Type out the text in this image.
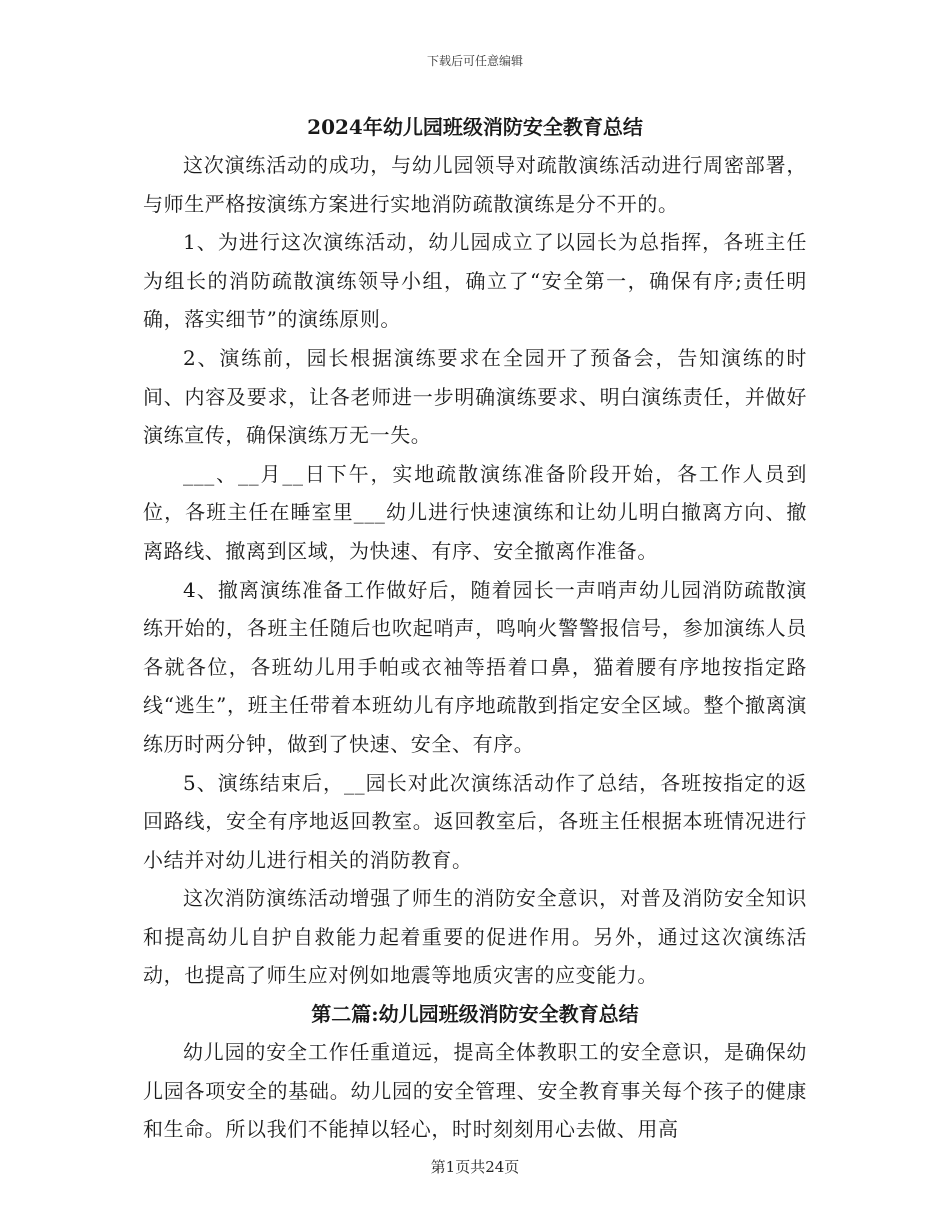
下载后可任意编辑
2024年幼儿园班级消防安全教育总结

这次演练活动的成功，与幼儿园领导对疏散演练活动进行周密部署，与师生严格按演练方案进行实地消防疏散演练是分不开的。

1、为进行这次演练活动，幼儿园成立了以园长为总指挥，各班主任为组长的消防疏散演练领导小组，确立了“安全第一，确保有序;责任明确，落实细节”的演练原则。

2、演练前，园长根据演练要求在全园开了预备会，告知演练的时间、内容及要求，让各老师进一步明确演练要求、明白演练责任，并做好演练宣传，确保演练万无一失。

___、__月__日下午，实地疏散演练准备阶段开始，各工作人员到位，各班主任在睡室里___幼儿进行快速演练和让幼儿明白撤离方向、撤离路线、撤离到区域，为快速、有序、安全撤离作准备。

4、撤离演练准备工作做好后，随着园长一声哨声幼儿园消防疏散演练开始的，各班主任随后也吹起哨声，鸣响火警警报信号，参加演练人员各就各位，各班幼儿用手帕或衣袖等捂着口鼻，猫着腰有序地按指定路线“逃生”，班主任带着本班幼儿有序地疏散到指定安全区域。整个撤离演练历时两分钟，做到了快速、安全、有序。

5、演练结束后，__园长对此次演练活动作了总结，各班按指定的返回路线，安全有序地返回教室。返回教室后，各班主任根据本班情况进行小结并对幼儿进行相关的消防教育。

这次消防演练活动增强了师生的消防安全意识，对普及消防安全知识和提高幼儿自护自救能力起着重要的促进作用。另外，通过这次演练活动，也提高了师生应对例如地震等地质灾害的应变能力。

第二篇:幼儿园班级消防安全教育总结

幼儿园的安全工作任重道远，提高全体教职工的安全意识，是确保幼儿园各项安全的基础。幼儿园的安全管理、安全教育事关每个孩子的健康和生命。所以我们不能掉以轻心，时时刻刻用心去做、用高

第1页共24页
